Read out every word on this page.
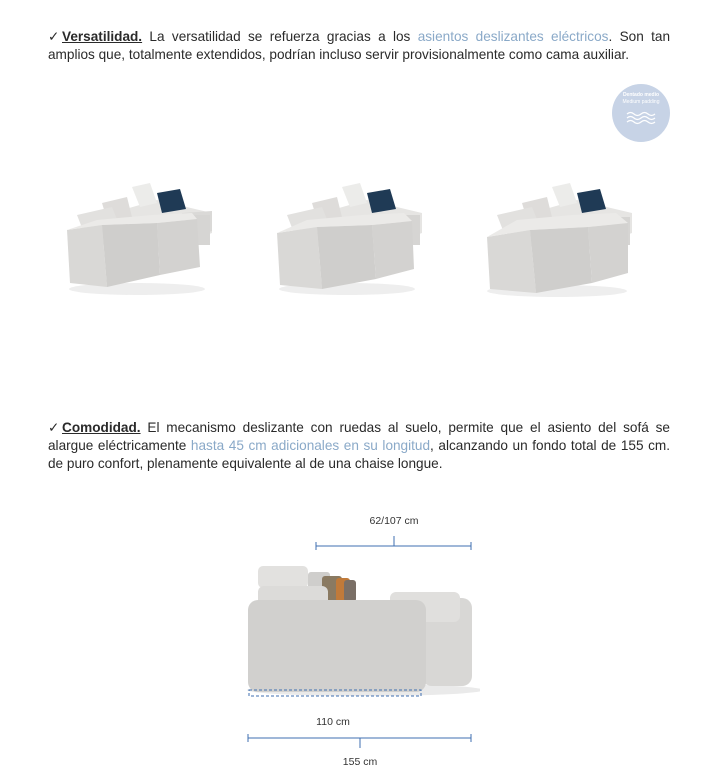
✓ Versatilidad. La versatilidad se refuerza gracias a los asientos deslizantes eléctricos. Son tan amplios que, totalmente extendidos, podrían incluso servir provisionalmente como cama auxiliar.
Dentado medio
Medium padding
✓ Comodidad. El mecanismo deslizante con ruedas al suelo, permite que el asiento del sofá se alargue eléctricamente hasta 45 cm adicionales en su longitud, alcanzando un fondo total de 155 cm. de puro confort, plenamente equivalente al de una chaise longue.
62/107 cm
110 cm
155 cm
